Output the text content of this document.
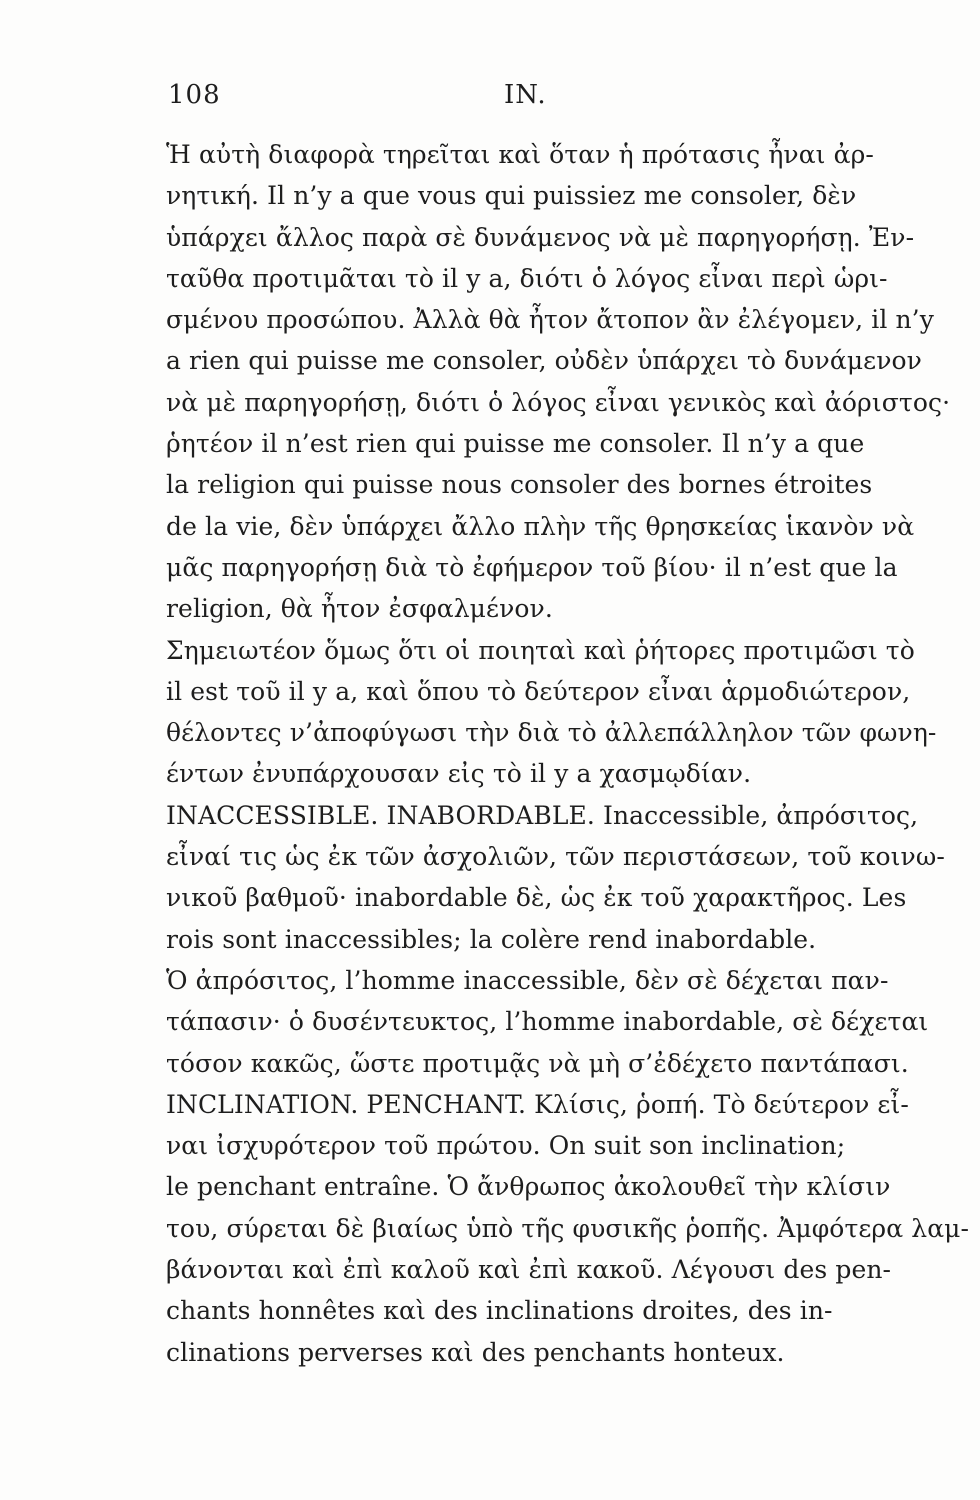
108	IN.
Ἡ αὐτὴ διαφορὰ τηρεῖται καὶ ὅταν ἡ πρότασις ἦναι ἀρ-
νητική. Il n’y a que vous qui puissiez me consoler, δὲν
ὑπάρχει ἄλλος παρὰ σὲ δυνάμενος νὰ μὲ παρηγορήσῃ. Ἐν-
ταῦθα προτιμᾶται τὸ il y a, διότι ὁ λόγος εἶναι περὶ ὡρι-
σμένου προσώπου. Ἀλλὰ θὰ ἦτον ἄτοπον ἂν ἐλέγομεν, il n’y
a rien qui puisse me consoler, οὐδὲν ὑπάρχει τὸ δυνάμενον
νὰ μὲ παρηγορήσῃ, διότι ὁ λόγος εἶναι γενικὸς καὶ ἀόριστος·
ῥητέον il n’est rien qui puisse me consoler. Il n’y a que
la religion qui puisse nous consoler des bornes étroites
de la vie, δὲν ὑπάρχει ἄλλο πλὴν τῆς θρησκείας ἱκανὸν νὰ
μᾶς παρηγορήσῃ διὰ τὸ ἐφήμερον τοῦ βίου· il n’est que la
religion, θὰ ἦτον ἐσφαλμένον.
Σημειωτέον ὅμως ὅτι οἱ ποιηταὶ καὶ ῥήτορες προτιμῶσι τὸ
il est τοῦ il y a, καὶ ὅπου τὸ δεύτερον εἶναι ἁρμοδιώτερον,
θέλοντες ν’ἀποφύγωσι τὴν διὰ τὸ ἀλλεπάλληλον τῶν φωνη-
έντων ἐνυπάρχουσαν εἰς τὸ il y a χασμῳδίαν.
INACCESSIBLE. INABORDABLE. Inaccessible, ἀπρόσιτος,
εἶναί τις ὡς ἐκ τῶν ἀσχολιῶν, τῶν περιστάσεων, τοῦ κοινω-
νικοῦ βαθμοῦ· inabordable δὲ, ὡς ἐκ τοῦ χαρακτῆρος. Les
rois sont inaccessibles; la colère rend inabordable.
Ὁ ἀπρόσιτος, l’homme inaccessible, δὲν σὲ δέχεται παν-
τάπασιν· ὁ δυσέντευκτος, l’homme inabordable, σὲ δέχεται
τόσον κακῶς, ὥστε προτιμᾷς νὰ μὴ σ’ἐδέχετο παντάπασι.
INCLINATION. PENCHANT. Κλίσις, ῥοπή. Τὸ δεύτερον εἶ-
ναι ἰσχυρότερον τοῦ πρώτου. On suit son inclination;
le penchant entraîne. Ὁ ἄνθρωπος ἀκολουθεῖ τὴν κλίσιν
του, σύρεται δὲ βιαίως ὑπὸ τῆς φυσικῆς ῥοπῆς. Ἀμφότερα λαμ-
βάνονται καὶ ἐπὶ καλοῦ καὶ ἐπὶ κακοῦ. Λέγουσι des pen-
chants honnêtes καὶ des inclinations droites, des in-
clinations perverses καὶ des penchants honteux.
